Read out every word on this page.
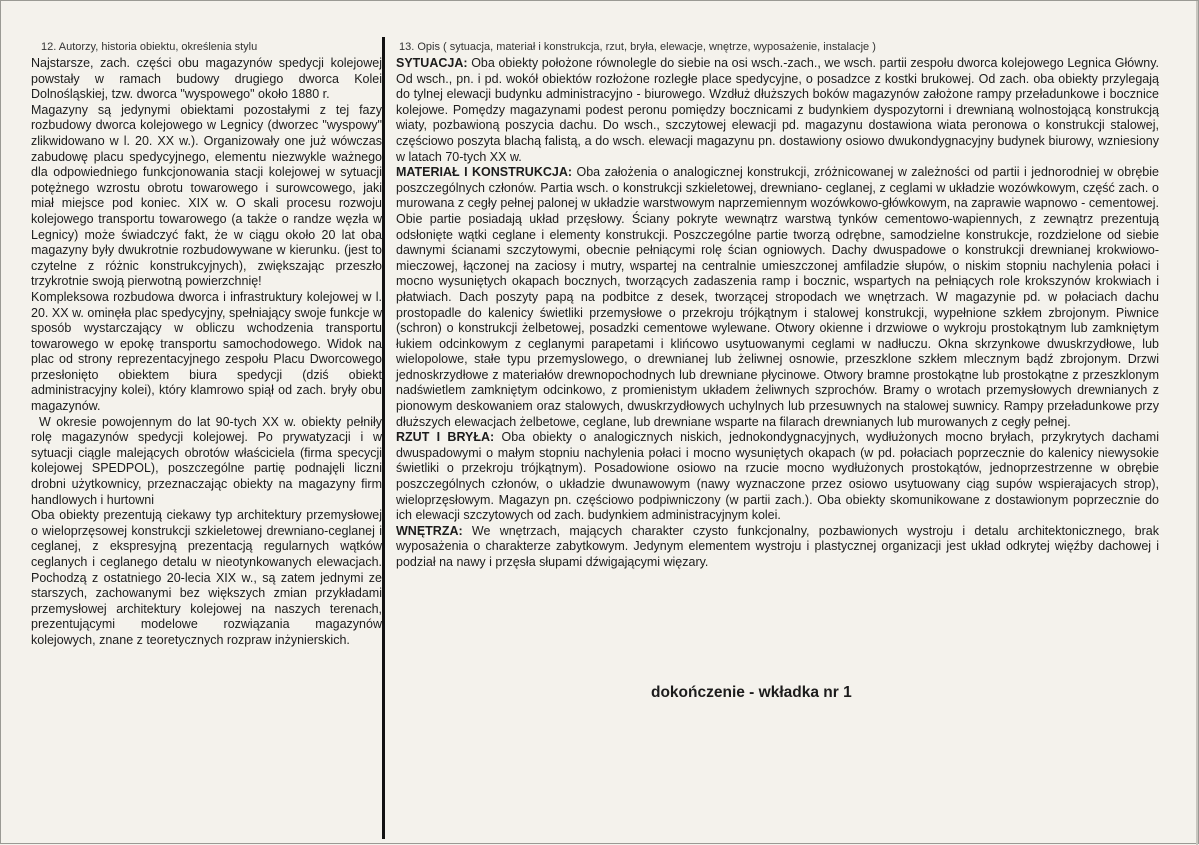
12. Autorzy, historia obiektu, określenia stylu

Najstarsze, zach. części obu magazynów spedycji kolejowej powstały w ramach budowy drugiego dworca Kolei Dolnośląskiej, tzw. dworca "wyspowego" około 1880 r.

Magazyny są jedynymi obiektami pozostałymi z tej fazy rozbudowy dworca kolejowego w Legnicy (dworzec "wyspowy" zlikwidowano w l. 20. XX w.). Organizowały one już wówczas zabudowę placu spedycyjnego, elementu niezwykle ważnego dla odpowiedniego funkcjonowania stacji kolejowej w sytuacji potężnego wzrostu obrotu towarowego i surowcowego, jaki miał miejsce pod koniec. XIX w. O skali procesu rozwoju kolejowego transportu towarowego (a także o randze węzła w Legnicy) może świadczyć fakt, że w ciągu około 20 lat oba magazyny były dwukrotnie rozbudowywane w kierunku. (jest to czytelne z różnic konstrukcyjnych), zwiększając przeszło trzykrotnie swoją pierwotną powierzchnię!

Kompleksowa rozbudowa dworca i infrastruktury kolejowej w l. 20. XX w. ominęła plac spedycyjny, spełniający swoje funkcje w sposób wystarczający w obliczu wchodzenia transportu towarowego w epokę transportu samochodowego. Widok na plac od strony reprezentacyjnego zespołu Placu Dworcowego przesłonięto obiektem biura spedycji (dziś obiekt administracyjny kolei), który klamrowo spiął od zach. bryły obu magazynów.

W okresie powojennym do lat 90-tych XX w. obiekty pełniły rolę magazynów spedycji kolejowej. Po prywatyzacji i w sytuacji ciągle malejących obrotów właściciela (firma specycji kolejowej SPEDPOL), poszczególne partię podnajęli liczni drobni użytkownicy, przeznaczając obiekty na magazyny firm handlowych i hurtowni

Oba obiekty prezentują ciekawy typ architektury przemysłowej o wieloprzęsowej konstrukcji szkieletowej drewniano-ceglanej i ceglanej, z ekspresyjną prezentacją regularnych wątków ceglanych i ceglanego detalu w nieotynkowanych elewacjach. Pochodzą z ostatniego 20-lecia XIX w., są zatem jednymi ze starszych, zachowanymi bez większych zmian przykładami przemysłowej architektury kolejowej na naszych terenach, prezentującymi modelowe rozwiązania magazynów kolejowych, znane z teoretycznych rozpraw inżynierskich.

13. Opis ( sytuacja, materiał i konstrukcja, rzut, bryła, elewacje, wnętrze, wyposażenie, instalacje )

SYTUACJA: Oba obiekty położone równolegle do siebie na osi wsch.-zach., we wsch. partii zespołu dworca kolejowego Legnica Główny. Od wsch., pn. i pd. wokół obiektów rozłożone rozległe place spedycyjne, o posadzce z kostki brukowej. Od zach. oba obiekty przylegają do tylnej elewacji budynku administracyjno - biurowego. Wzdłuż dłuższych boków magazynów założone rampy przeładunkowe i bocznice kolejowe. Pomędzy magazynami podest peronu pomiędzy bocznicami z budynkiem dyspozytorni i drewnianą wolnostojącą konstrukcją wiaty, pozbawioną poszycia dachu. Do wsch., szczytowej elewacji pd. magazynu dostawiona wiata peronowa o konstrukcji stalowej, częściowo poszyta blachą falistą, a do wsch. elewacji magazynu pn. dostawiony osiowo dwukondygnacyjny budynek biurowy, wzniesiony w latach 70-tych XX w.

MATERIAŁ I KONSTRUKCJA: Oba założenia o analogicznej konstrukcji, zróżnicowanej w zależności od partii i jednorodniej w obrębie poszczególnych członów. Partia wsch. o konstrukcji szkieletowej, drewniano- ceglanej, z ceglami w układzie wozówkowym, część zach. o murowana z cegły pełnej palonej w układzie warstwowym naprzemiennym wozówkowo-główkowym, na zaprawie wapnowo - cementowej. Obie partie posiadają układ przęsłowy. Ściany pokryte wewnątrz warstwą tynków cementowo-wapiennych, z zewnątrz prezentują odsłonięte wątki ceglane i elementy konstrukcji. Poszczególne partie tworzą odrębne, samodzielne konstrukcje, rozdzielone od siebie dawnymi ścianami szczytowymi, obecnie pełniącymi rolę ścian ogniowych. Dachy dwuspadowe o konstrukcji drewnianej krokwiowo-mieczowej, łączonej na zaciosy i mutry, wspartej na centralnie umieszczonej amfiladzie słupów, o niskim stopniu nachylenia połaci i mocno wysuniętych okapach bocznych, tworzących zadaszenia ramp i bocznic, wspartych na pełniących role krokszynów krokwiach i płatwiach. Dach poszyty papą na podbitce z desek, tworzącej stropodach we wnętrzach. W magazynie pd. w połaciach dachu prostopadle do kalenicy świetliki przemysłowe o przekroju trójkątnym i stalowej konstrukcji, wypełnione szkłem zbrojonym. Piwnice (schron) o konstrukcji żelbetowej, posadzki cementowe wylewane. Otwory okienne i drzwiowe o wykroju prostokątnym lub zamkniętym łukiem odcinkowym z ceglanymi parapetami i klińcowo usytuowanymi ceglami w nadłuczu. Okna skrzynkowe dwuskrzydłowe, lub wielopolowe, stałe typu przemyslowego, o drewnianej lub żeliwnej osnowie, przeszklone szkłem mlecznym bądź zbrojonym. Drzwi jednoskrzydłowe z materiałów drewnopochodnych lub drewniane płycinowe. Otwory bramne prostokątne lub prostokątne z przeszklonym nadświetlem zamkniętym odcinkowo, z promienistym układem żeliwnych szprochów. Bramy o wrotach przemysłowych drewnianych z pionowym deskowaniem oraz stalowych, dwuskrzydłowych uchylnych lub przesuwnych na stalowej suwnicy. Rampy przeładunkowe przy dłuższych elewacjach żelbetowe, ceglane, lub drewniane wsparte na filarach drewnianych lub murowanych z cegły pełnej.

RZUT I BRYŁA: Oba obiekty o analogicznych niskich, jednokondygnacyjnych, wydłużonych mocno bryłach, przykrytych dachami dwuspadowymi o małym stopniu nachylenia połaci i mocno wysuniętych okapach (w pd. połaciach poprzecznie do kalenicy niewysokie świetliki o przekroju trójkątnym). Posadowione osiowo na rzucie mocno wydłużonych prostokątów, jednoprzestrzenne w obrębie poszczególnych członów, o układzie dwunawowym (nawy wyznaczone przez osiowo usytuowany ciąg supów wspierajacych strop), wieloprzęsłowym. Magazyn pn. częściowo podpiwniczony (w partii zach.). Oba obiekty skomunikowane z dostawionym poprzecznie do ich elewacji szczytowych od zach. budynkiem administracyjnym kolei.

WNĘTRZA: We wnętrzach, mających charakter czysto funkcjonalny, pozbawionych wystroju i detalu architektonicznego, brak wyposażenia o charakterze zabytkowym. Jedynym elementem wystroju i plastycznej organizacji jest układ odkrytej więźby dachowej i podział na nawy i przęsła słupami dźwigającymi więzary.

dokończenie - wkładka nr 1
